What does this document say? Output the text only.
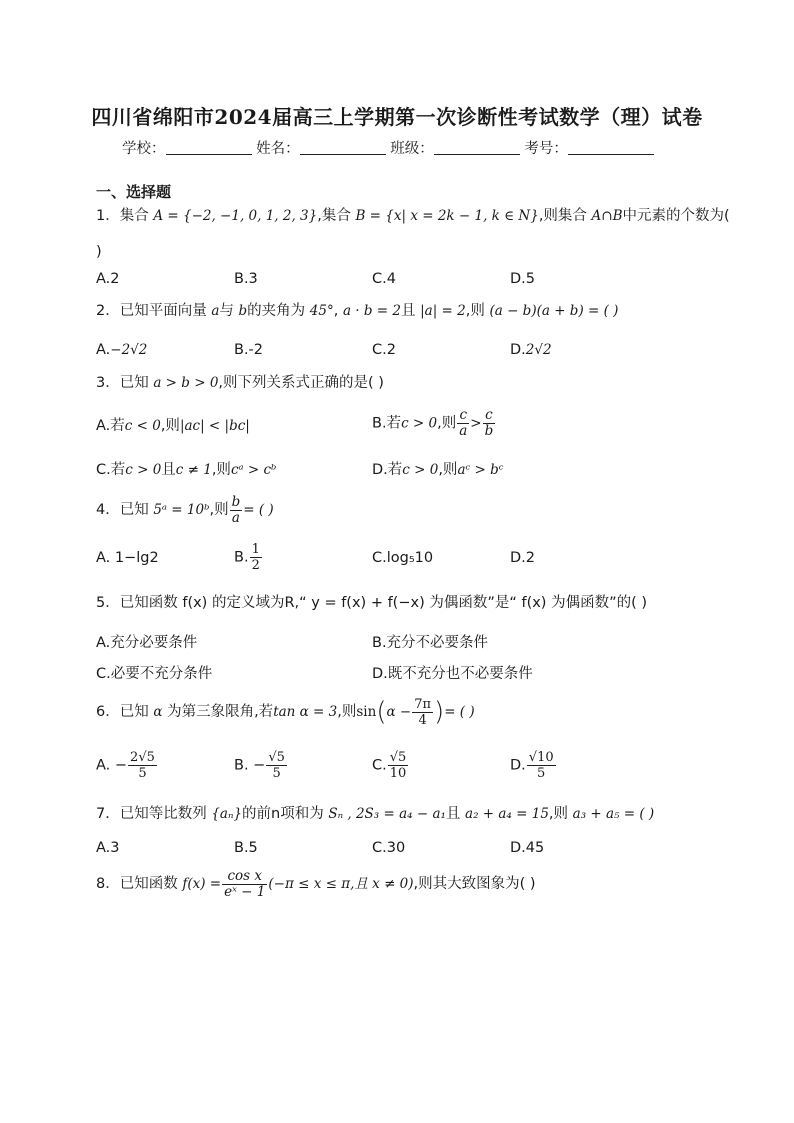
四川省绵阳市2024届高三上学期第一次诊断性考试数学（理）试卷
学校：	姓名：	班级：	考号：
一、选择题
1．集合 A = {−2, −1, 0, 1, 2, 3},集合 B = {x| x = 2k − 1, k ∈ N},则集合 A∩B中元素的个数为(
)
A.2	B.3	C.4	D.5
2．已知平面向量 a与 b的夹角为 45°, a · b = 2且 |a| = 2,则 (a − b)(a + b) = ( )
A.−2√2	B.-2	C.2	D.2√2
3．已知 a > b > 0,则下列关系式正确的是( )
A.若c < 0,则|ac| < |bc|	B.若c > 0,则 $\frac{c}{a} > \frac{c}{b}$
C.若c > 0且c ≠ 1,则cᵃ > cᵇ	D.若c > 0,则aᶜ > bᶜ
4．已知 5ᵃ = 10ᵇ,则 $\frac{b}{a}$ = ( )
A. 1−lg2	B. $\frac{1}{2}$	C.log₅10	D.2
5．已知函数 f(x) 的定义域为R,“ y = f(x) + f(−x) 为偶函数”是“ f(x) 为偶函数”的( )
A.充分必要条件	B.充分不必要条件
C.必要不充分条件	D.既不充分也不必要条件
6．已知 α 为第三象限角,若tan α = 3,则$\sin(\alpha - \frac{7\pi}{4}$ )= ( )
A. − $\frac{2√5}{5}$	B. − $\frac{√5}{5}$	C. $\frac{√5}{10}$	D. $\frac{√10}{5}$
7．已知等比数列 {aₙ}的前n项和为 Sₙ , 2S₃ = a₄ − a₁且 a₂ + a₄ = 15,则 a₃ + a₅ = ( )
A.3	B.5	C.30	D.45
8．已知函数 $f(x) = \frac{\text{cos x}}{\text{eˣ − 1}} (-\pi \le x \le \pi$,且 x ≠ 0),则其大致图象为( )
